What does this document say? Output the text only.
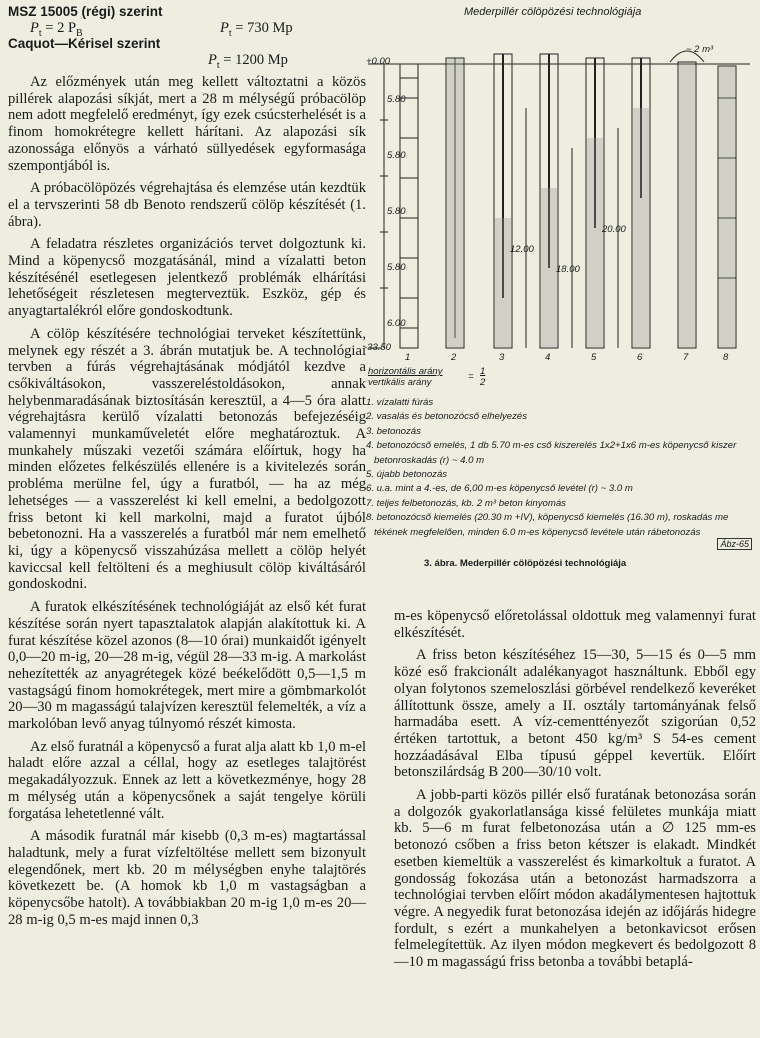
MSZ 15005 (régi) szerint
$P_t = 2$ $P_B$	$P_t = 730$ Mp
Caquot—Kérisel szerint
$P_t = 1200$ Mp

Az előzmények után meg kellett változtatni a közös pillérek alapozási síkját, mert a 28 m mélységű próbacölöp nem adott megfelelő eredményt, így ezek csúcsterhelését is a finom homokrétegre kellett hárítani. Az alapozási sík azonossága előnyös a várható süllyedések egyformasága szempontjából is.

A próbacölöpözés végrehajtása és elemzése után kezdtük el a tervszerinti 58 db Benoto rendszerű cölöp készítését (1. ábra).

A feladatra részletes organizációs tervet dolgoztunk ki. Mind a köpenycső mozgatásánál, mind a vízalatti beton készítésénél esetlegesen jelentkező problémák elhárítási lehetőségeit részletesen megterveztük. Eszköz, gép és anyagtartalékról előre gondoskodtunk.

A cölöp készítésére technológiai terveket készítettünk, melynek egy részét a 3. ábrán mutatjuk be. A technológiai tervben a fúrás végrehajtásának módjától kezdve a csőkiváltásokon, vasszereléstoldásokon, annak helybenmaradásának biztosításán keresztül, a 4—5 óra alatt végrehajtásra kerülő vízalatti betonozás befejezéséig valamennyi munkaműveletét előre meghatároztuk. A munkahely műszaki vezetői számára előírtuk, hogy ha minden előzetes felkészülés ellenére is a kivitelezés során probléma merülne fel, úgy a furatból, — ha az még lehetséges — a vasszerelést ki kell emelni, a bedolgozott friss betont ki kell markolni, majd a furatot újból bebetonozni. Ha a vasszerelés a furatból már nem emelhető ki, úgy a köpenycső visszahúzása mellett a cölöp helyét kaviccsal kell feltölteni és a meghiusult cölöp kiváltásáról gondoskodni.

A furatok elkészítésének technológiáját az első két furat készítése során nyert tapasztalatok alapján alakítottuk ki. A furat készítése közel azonos (8—10 órai) munkaidőt igényelt 0,0—20 m-ig, 20—28 m-ig, végül 28—33 m-ig. A markolást nehezítették az anyagrétegek közé beékelődött 0,5—1,5 m vastagságú finom homokrétegek, mert mire a gömbmarkolót 20—30 m magasságú talajvízen keresztül felemelték, a víz a markolóban levő anyag túlnyomó részét kimosta.

Az első furatnál a köpenycső a furat alja alatt kb 1,0 m-el haladt előre azzal a céllal, hogy az esetleges talajtörést megakadályozzuk. Ennek az lett a következménye, hogy 28 m mélység után a köpenycsőnek a saját tengelye körüli forgatása lehetetlenné vált.

A második furatnál már kisebb (0,3 m-es) magtartással haladtunk, mely a furat vízfeltöltése mellett sem bizonyult elegendőnek, mert kb. 20 m mélységben enyhe talajtörés következett be. (A homok kb 1,0 m vastagságban a köpenycsőbe hatolt). A továbbiakban 20 m-ig 1,0 m-es 20—28 m-ig 0,5 m-es majd innen 0,3

Mederpillér cölöpözési technológiája
+0.00
-33.50
~ 2 m³
5.80
5.80
5.80
5.80
6.00
12.00
18.00
20.00
1	2	3	4	5	6	7	8
horizontális arány
vertikális arány
= 1
2
1. vízalatti fúrás
2. vasalás és betonozócső elhelyezés
3. betonozás
4. betonozócső emelés, 1 db 5.70 m-es cső kiszerelés 1x2+1x6 m-es köpenycső kiszer
betonroskadás (r) ~ 4.0 m
5. újabb betonozás
6. u.a. mint a 4.-es, de 6,00 m-es köpenycső levétel (r) ~ 3.0 m
7. teljes felbetonozás, kb. 2 m³ beton kinyomás
8. betonozócső kiemelés (20.30 m +IV), köpenycső kiemelés (16.30 m), roskadás me
tékének megfelelően, minden 6.0 m-es köpenycső levétele után rábetonozás
Ábz-65
3. ábra. Mederpillér cölöpözési technológiája

m-es köpenycső előretolással oldottuk meg valamennyi furat elkészítését.

A friss beton készítéséhez 15—30, 5—15 és 0—5 mm közé eső frakcionált adalékanyagot használtunk. Ebből egy olyan folytonos szemeloszlási görbével rendelkező keveréket állítottunk össze, amely a II. osztály tartományának felső harmadába esett. A víz-cementtényezőt szigorúan 0,52 értéken tartottuk, a betont 450 kg/m³ S 54-es cement hozzáadásával Elba típusú géppel kevertük. Előírt betonszilárdság B 200—30/10 volt.

A jobb-parti közös pillér első furatának betonozása során a dolgozók gyakorlatlansága kissé felületes munkája miatt kb. 5—6 m furat felbetonozása után a ∅ 125 mm-es betonozó csőben a friss beton kétszer is elakadt. Mindkét esetben kiemeltük a vasszerelést és kimarkoltuk a furatot. A gondosság fokozása után a betonozást harmadszorra a technológiai tervben előírt módon akadálymentesen hajtottuk végre. A negyedik furat betonozása idején az időjárás hidegre fordult, s ezért a munkahelyen a betonkavicsot erősen felmelegítettük. Az ilyen módon megkevert és bedolgozott 8—10 m magasságú friss betonba a további betaplá-
